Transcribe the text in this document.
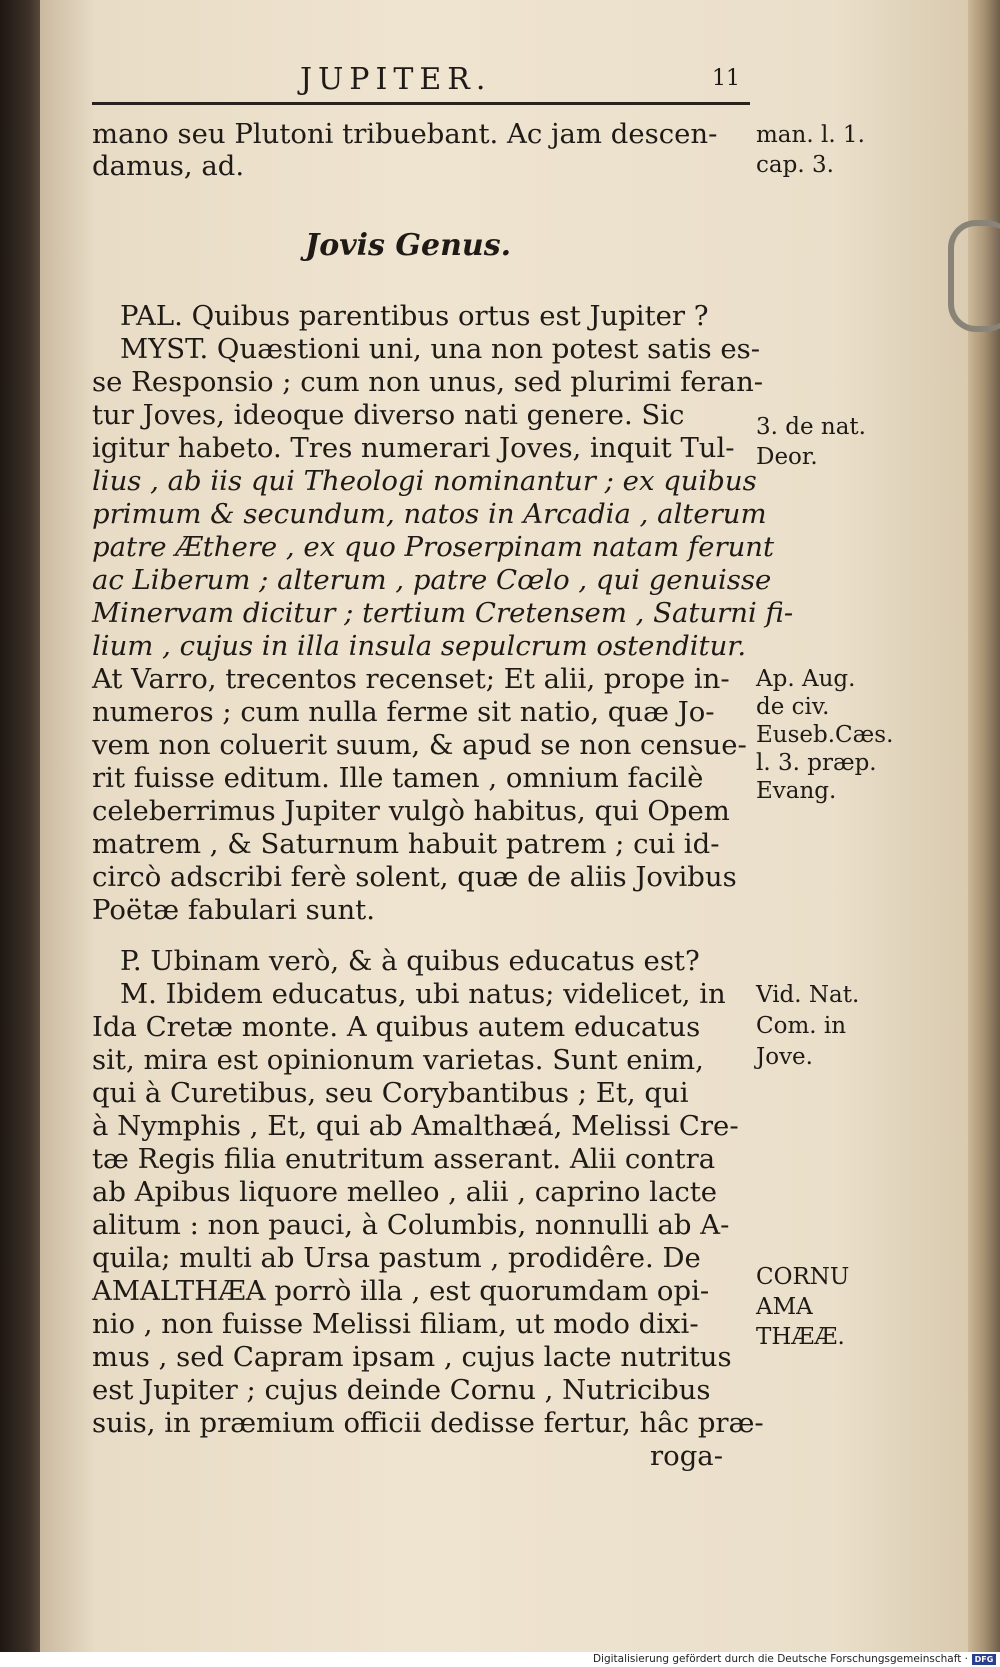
JUPITER.	11
mano seu Plutoni tribuebant. Ac jam descen-
damus, ad.
Jovis Genus.
PAL. Quibus parentibus ortus est Jupiter ?
MYST. Quæstioni uni, una non potest satis es-
se Responsio ; cum non unus, sed plurimi feran-
tur Joves, ideoque diverso nati genere. Sic
igitur habeto. Tres numerari Joves, inquit Tul-
lius , ab iis qui Theologi nominantur ; ex quibus
primum & secundum, natos in Arcadia , alterum
patre Æthere , ex quo Proserpinam natam ferunt
ac Liberum ; alterum , patre Cœlo , qui genuisse
Minervam dicitur ; tertium Cretensem , Saturni fi-
lium , cujus in illa insula sepulcrum ostenditur.
At Varro, trecentos recenset; Et alii, prope in-
numeros ; cum nulla ferme sit natio, quæ Jo-
vem non coluerit suum, & apud se non censue-
rit fuisse editum. Ille tamen , omnium facilè
celeberrimus Jupiter vulgò habitus, qui Opem
matrem , & Saturnum habuit patrem ; cui id-
circò adscribi ferè solent, quæ de aliis Jovibus
Poëtæ fabulari sunt.
P. Ubinam verò, & à quibus educatus est?
M. Ibidem educatus, ubi natus; videlicet, in
Ida Cretæ monte. A quibus autem educatus
sit, mira est opinionum varietas. Sunt enim,
qui à Curetibus, seu Corybantibus ; Et, qui
à Nymphis , Et, qui ab Amalthæá, Melissi Cre-
tæ Regis filia enutritum asserant. Alii contra
ab Apibus liquore melleo , alii , caprino lacte
alitum : non pauci, à Columbis, nonnulli ab A-
quila; multi ab Ursa pastum , prodidêre. De
AMALTHÆA porrò illa , est quorumdam opi-
nio , non fuisse Melissi filiam, ut modo dixi-
mus , sed Capram ipsam , cujus lacte nutritus
est Jupiter ; cujus deinde Cornu , Nutricibus
suis, in præmium officii dedisse fertur, hâc præ-
roga-
man. l. 1.
cap. 3.
3. de nat.
Deor.
Ap. Aug.
de civ.
Euseb.Cæs.
l. 3. præp.
Evang.
Vid. Nat.
Com. in
Jove.
CORNU
AMA
THÆÆ.
Digitalisierung gefördert durch die Deutsche Forschungsgemeinschaft · DFG
